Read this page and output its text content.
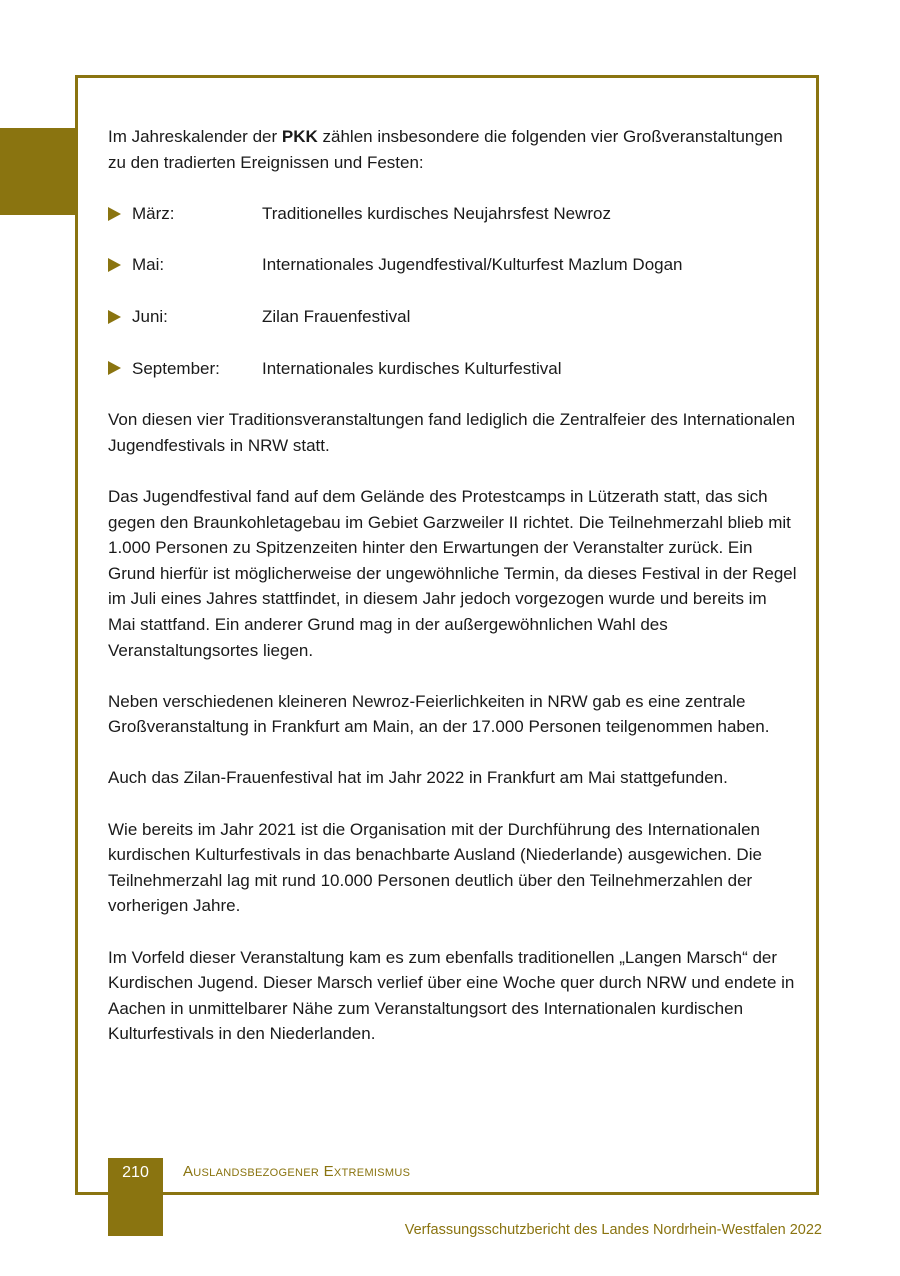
Im Jahreskalender der PKK zählen insbesondere die folgenden vier Großveranstaltungen zu den tradierten Ereignissen und Festen:

März:	Traditionelles kurdisches Neujahrsfest Newroz
Mai:	Internationales Jugendfestival/Kulturfest Mazlum Dogan
Juni:	Zilan Frauenfestival
September:	Internationales kurdisches Kulturfestival

Von diesen vier Traditionsveranstaltungen fand lediglich die Zentralfeier des Internationalen Jugendfestivals in NRW statt.

Das Jugendfestival fand auf dem Gelände des Protestcamps in Lützerath statt, das sich gegen den Braunkohletagebau im Gebiet Garzweiler II richtet. Die Teilnehmerzahl blieb mit 1.000 Personen zu Spitzenzeiten hinter den Erwartungen der Veranstalter zurück. Ein Grund hierfür ist möglicherweise der ungewöhnliche Termin, da dieses Festival in der Regel im Juli eines Jahres stattfindet, in diesem Jahr jedoch vorgezogen wurde und bereits im Mai stattfand. Ein anderer Grund mag in der außergewöhnlichen Wahl des Veranstaltungsortes liegen.

Neben verschiedenen kleineren Newroz-Feierlichkeiten in NRW gab es eine zentrale Großveranstaltung in Frankfurt am Main, an der 17.000 Personen teilgenommen haben.

Auch das Zilan-Frauenfestival hat im Jahr 2022 in Frankfurt am Mai stattgefunden.

Wie bereits im Jahr 2021 ist die Organisation mit der Durchführung des Internationalen kurdischen Kulturfestivals in das benachbarte Ausland (Niederlande) ausgewichen. Die Teilnehmerzahl lag mit rund 10.000 Personen deutlich über den Teilnehmerzahlen der vorherigen Jahre.

Im Vorfeld dieser Veranstaltung kam es zum ebenfalls traditionellen „Langen Marsch“ der Kurdischen Jugend. Dieser Marsch verlief über eine Woche quer durch NRW und endete in Aachen in unmittelbarer Nähe zum Veranstaltungsort des Internationalen kurdischen Kulturfestivals in den Niederlanden.

210	Auslandsbezogener Extremismus
Verfassungsschutzbericht des Landes Nordrhein-Westfalen 2022
